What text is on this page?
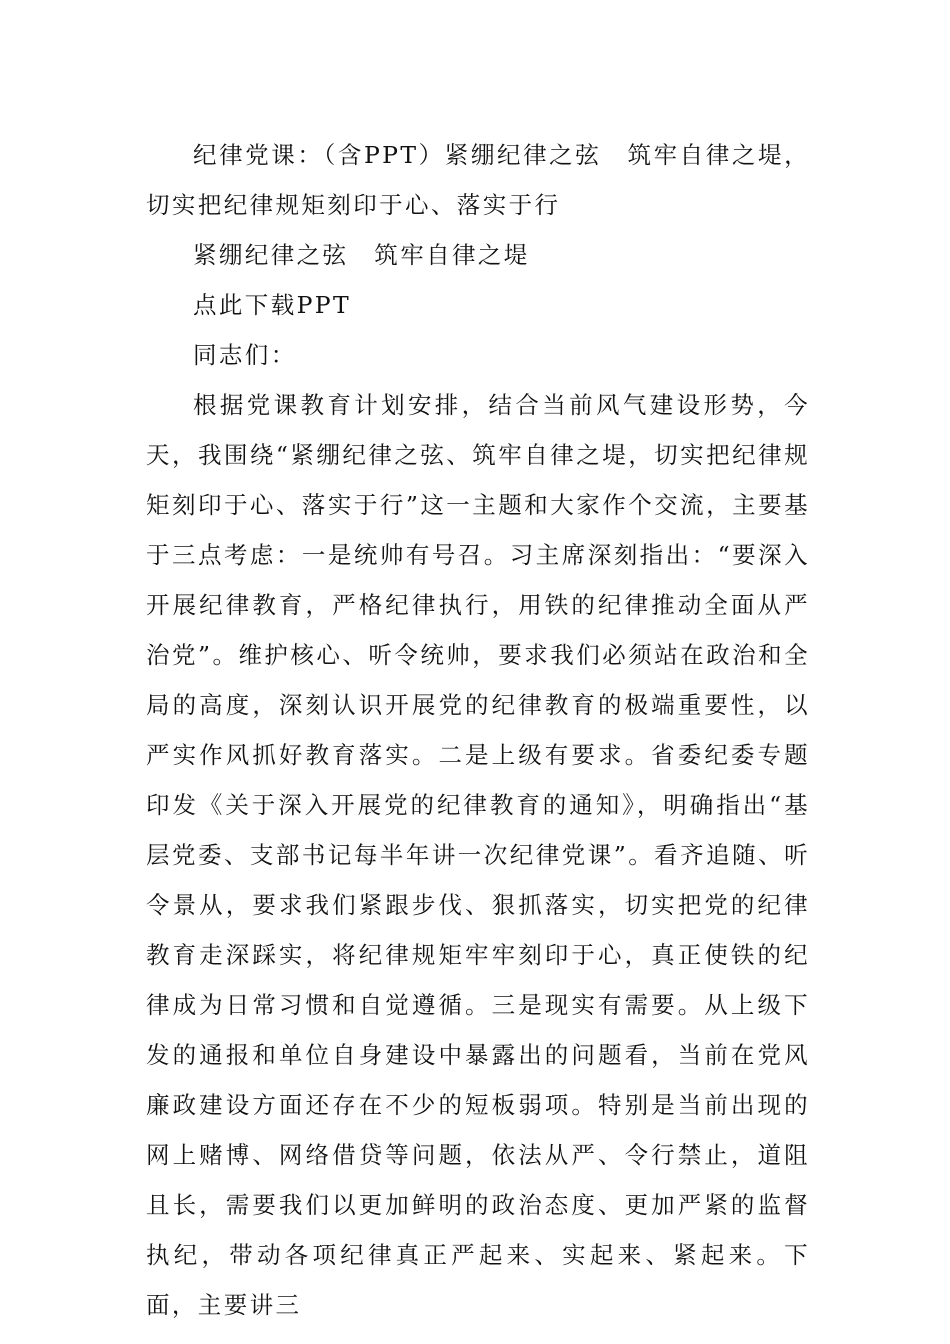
纪律党课：（含PPT）紧绷纪律之弦　筑牢自律之堤，切实把纪律规矩刻印于心、落实于行

紧绷纪律之弦　筑牢自律之堤

点此下载PPT

同志们：

根据党课教育计划安排，结合当前风气建设形势，今天，我围绕“紧绷纪律之弦、筑牢自律之堤，切实把纪律规矩刻印于心、落实于行”这一主题和大家作个交流，主要基于三点考虑：一是统帅有号召。习主席深刻指出：“要深入开展纪律教育，严格纪律执行，用铁的纪律推动全面从严治党”。维护核心、听令统帅，要求我们必须站在政治和全局的高度，深刻认识开展党的纪律教育的极端重要性，以严实作风抓好教育落实。二是上级有要求。省委纪委专题印发《关于深入开展党的纪律教育的通知》，明确指出“基层党委、支部书记每半年讲一次纪律党课”。看齐追随、听令景从，要求我们紧跟步伐、狠抓落实，切实把党的纪律教育走深踩实，将纪律规矩牢牢刻印于心，真正使铁的纪律成为日常习惯和自觉遵循。三是现实有需要。从上级下发的通报和单位自身建设中暴露出的问题看，当前在党风廉政建设方面还存在不少的短板弱项。特别是当前出现的网上赌博、网络借贷等问题，依法从严、令行禁止，道阻且长，需要我们以更加鲜明的政治态度、更加严紧的监督执纪，带动各项纪律真正严起来、实起来、紧起来。下面，主要讲三
